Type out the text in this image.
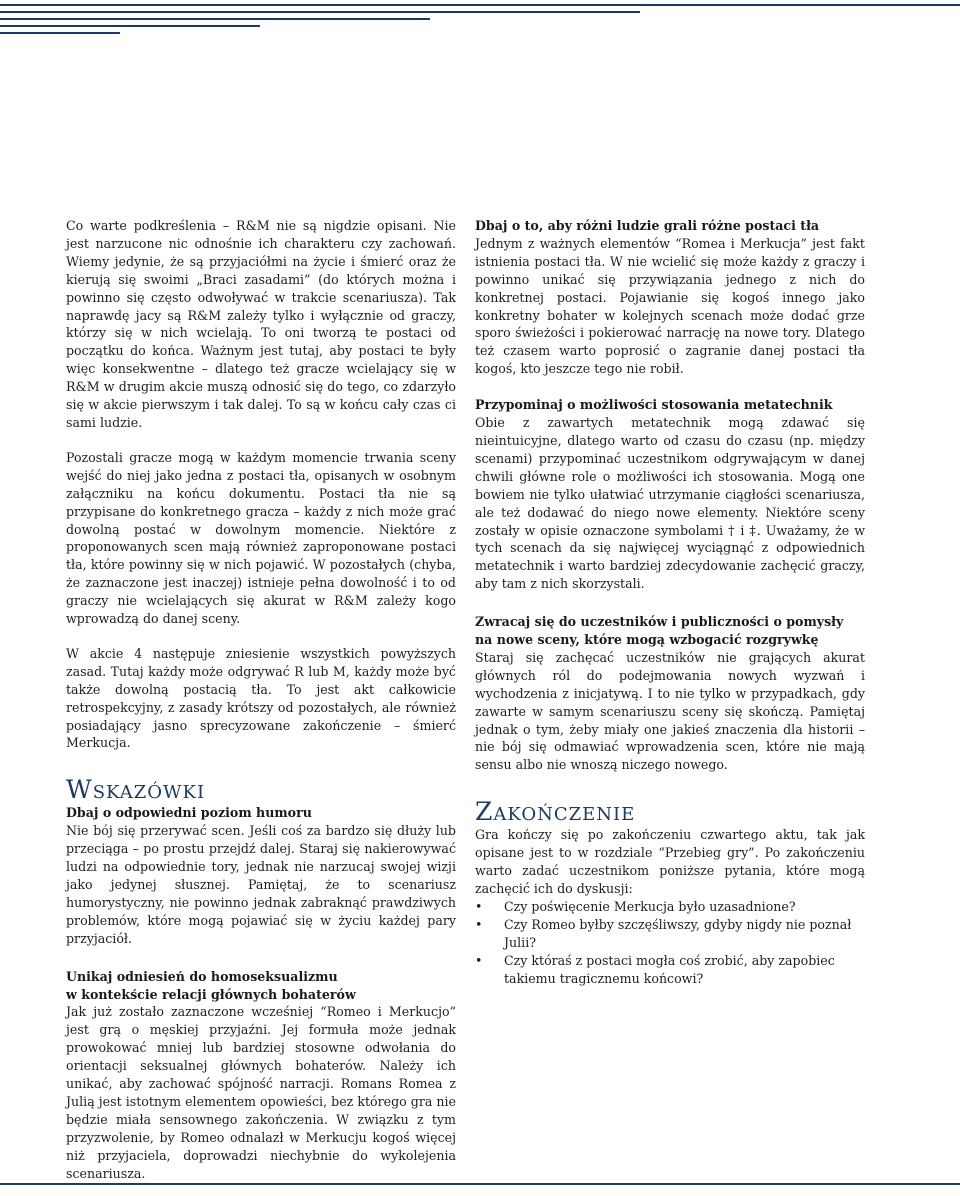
Co warte podkreślenia – R&M nie są nigdzie opisani. Nie jest narzucone nic odnośnie ich charakteru czy zachowań. Wiemy jedynie, że są przyjaciółmi na życie i śmierć oraz że kierują się swoimi „Braci zasadami” (do których można i powinno się często odwoływać w trakcie scenariusza). Tak naprawdę jacy są R&M zależy tylko i wyłącznie od graczy, którzy się w nich wcielają. To oni tworzą te postaci od początku do końca. Ważnym jest tutaj, aby postaci te były więc konsekwentne – dlatego też gracze wcielający się w R&M w drugim akcie muszą odnosić się do tego, co zdarzyło się w akcie pierwszym i tak dalej. To są w końcu cały czas ci sami ludzie.

Pozostali gracze mogą w każdym momencie trwania sceny wejść do niej jako jedna z postaci tła, opisanych w osobnym załączniku na końcu dokumentu. Postaci tła nie są przypisane do konkretnego gracza – każdy z nich może grać dowolną postać w dowolnym momencie. Niektóre z proponowanych scen mają również zaproponowane postaci tła, które powinny się w nich pojawić. W pozostałych (chyba, że zaznaczone jest inaczej) istnieje pełna dowolność i to od graczy nie wcielających się akurat w R&M zależy kogo wprowadzą do danej sceny.

W akcie 4 następuje zniesienie wszystkich powyższych zasad. Tutaj każdy może odgrywać R lub M, każdy może być także dowolną postacią tła. To jest akt całkowicie retrospekcyjny, z zasady krótszy od pozostałych, ale również posiadający jasno sprecyzowane zakończenie – śmierć Merkucja.

Wskazówki
Dbaj o odpowiedni poziom humoru

Nie bój się przerywać scen. Jeśli coś za bardzo się dłuży lub przeciąga – po prostu przejdź dalej. Staraj się nakierowywać ludzi na odpowiednie tory, jednak nie narzucaj swojej wizji jako jedynej słusznej. Pamiętaj, że to scenariusz humorystyczny, nie powinno jednak zabraknąć prawdziwych problemów, które mogą pojawiać się w życiu każdej pary przyjaciół.

Unikaj odniesień do homoseksualizmu
w kontekście relacji głównych bohaterów

Jak już zostało zaznaczone wcześniej “Romeo i Merkucjo” jest grą o męskiej przyjaźni. Jej formuła może jednak prowokować mniej lub bardziej stosowne odwołania do orientacji seksualnej głównych bohaterów. Należy ich unikać, aby zachować spójność narracji. Romans Romea z Julią jest istotnym elementem opowieści, bez którego gra nie będzie miała sensownego zakończenia. W związku z tym przyzwolenie, by Romeo odnalazł w Merkucju kogoś więcej niż przyjaciela, doprowadzi niechybnie do wykolejenia scenariusza.

Dbaj o to, aby różni ludzie grali różne postaci tła

Jednym z ważnych elementów “Romea i Merkucja” jest fakt istnienia postaci tła. W nie wcielić się może każdy z graczy i powinno unikać się przywiązania jednego z nich do konkretnej postaci. Pojawianie się kogoś innego jako konkretny bohater w kolejnych scenach może dodać grze sporo świeżości i pokierować narrację na nowe tory. Dlatego też czasem warto poprosić o zagranie danej postaci tła kogoś, kto jeszcze tego nie robił.

Przypominaj o możliwości stosowania metatechnik

Obie z zawartych metatechnik mogą zdawać się nieintuicyjne, dlatego warto od czasu do czasu (np. między scenami) przypominać uczestnikom odgrywającym w danej chwili główne role o możliwości ich stosowania. Mogą one bowiem nie tylko ułatwiać utrzymanie ciągłości scenariusza, ale też dodawać do niego nowe elementy. Niektóre sceny zostały w opisie oznaczone symbolami † i ‡. Uważamy, że w tych scenach da się najwięcej wyciągnąć z odpowiednich metatechnik i warto bardziej zdecydowanie zachęcić graczy, aby tam z nich skorzystali.

Zwracaj się do uczestników i publiczności o pomysły
na nowe sceny, które mogą wzbogacić rozgrywkę

Staraj się zachęcać uczestników nie grających akurat głównych ról do podejmowania nowych wyzwań i wychodzenia z inicjatywą. I to nie tylko w przypadkach, gdy zawarte w samym scenariuszu sceny się skończą. Pamiętaj jednak o tym, żeby miały one jakieś znaczenia dla historii – nie bój się odmawiać wprowadzenia scen, które nie mają sensu albo nie wnoszą niczego nowego.

Zakończenie

Gra kończy się po zakończeniu czwartego aktu, tak jak opisane jest to w rozdziale “Przebieg gry”. Po zakończeniu warto zadać uczestnikom poniższe pytania, które mogą zachęcić ich do dyskusji:

• Czy poświęcenie Merkucja było uzasadnione?
• Czy Romeo byłby szczęśliwszy, gdyby nigdy nie poznał Julii?
• Czy któraś z postaci mogła coś zrobić, aby zapobiec takiemu tragicznemu końcowi?
